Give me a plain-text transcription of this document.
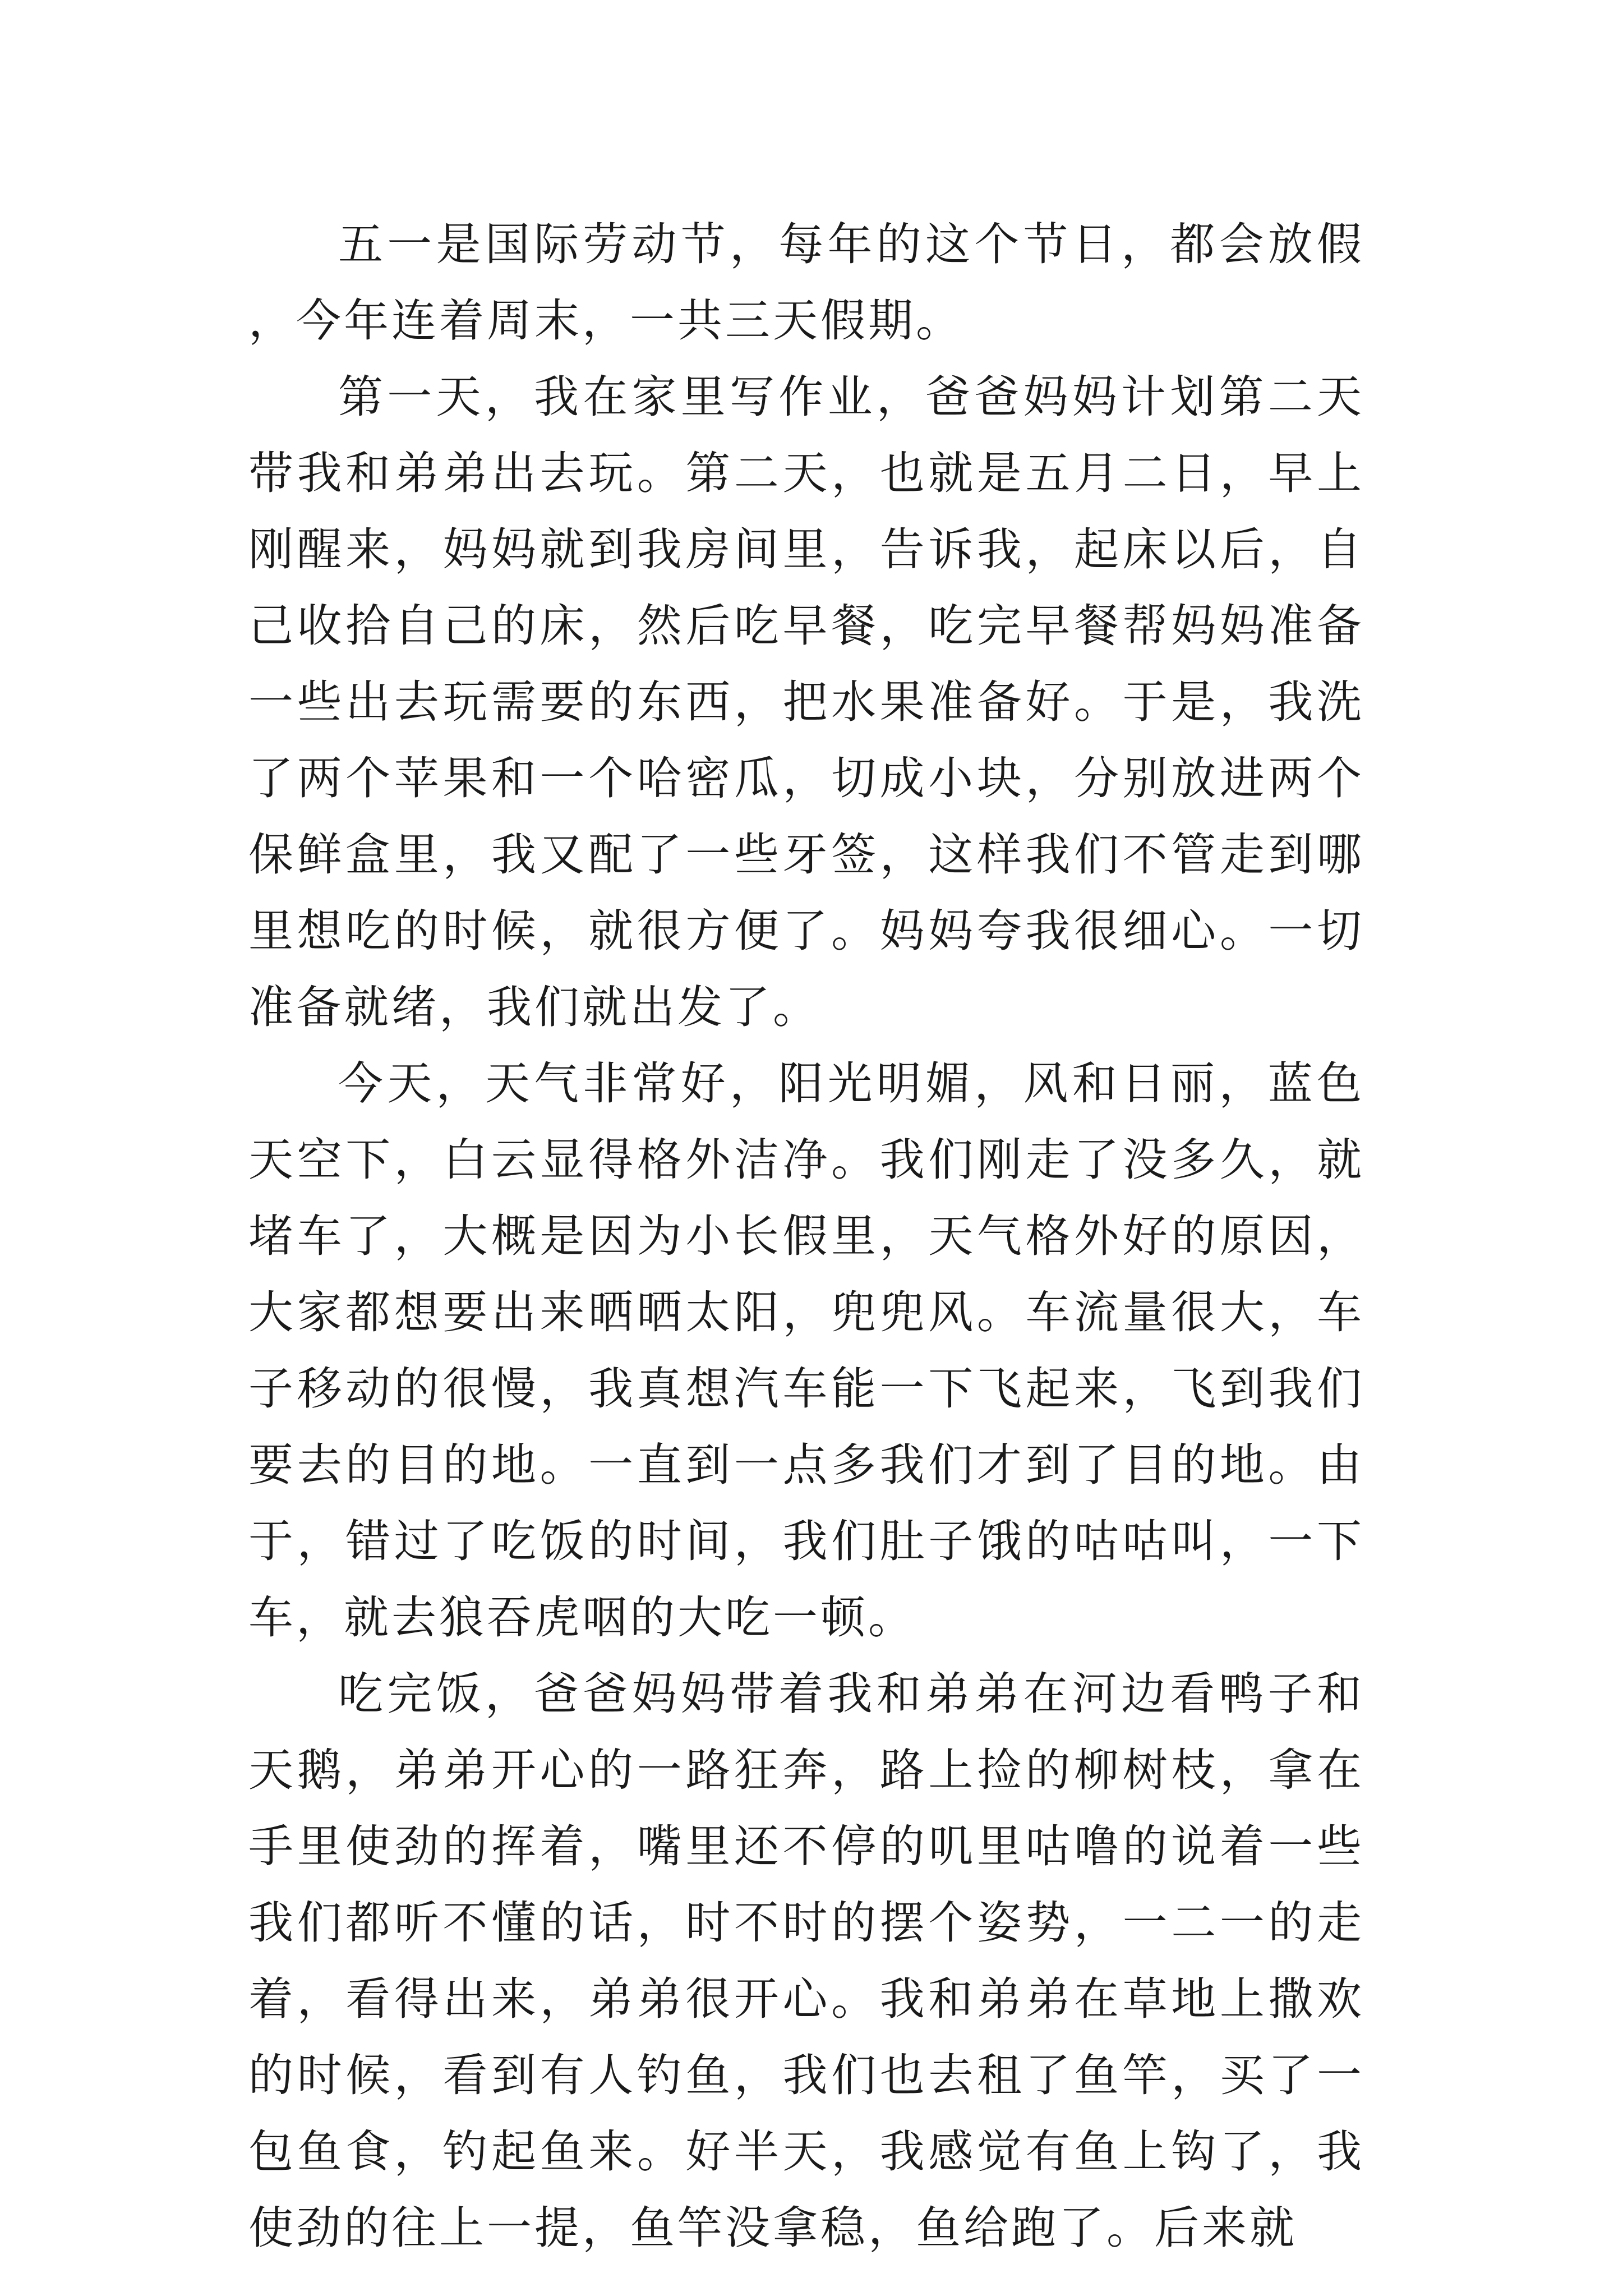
五一是国际劳动节，每年的这个节日，都会放假，今年连着周末，一共三天假期。

第一天，我在家里写作业，爸爸妈妈计划第二天带我和弟弟出去玩。第二天，也就是五月二日，早上刚醒来，妈妈就到我房间里，告诉我，起床以后，自己收拾自己的床，然后吃早餐，吃完早餐帮妈妈准备一些出去玩需要的东西，把水果准备好。于是，我洗了两个苹果和一个哈密瓜，切成小块，分别放进两个保鲜盒里，我又配了一些牙签，这样我们不管走到哪里想吃的时候，就很方便了。妈妈夸我很细心。一切准备就绪，我们就出发了。

今天，天气非常好，阳光明媚，风和日丽，蓝色天空下，白云显得格外洁净。我们刚走了没多久，就堵车了，大概是因为小长假里，天气格外好的原因，大家都想要出来晒晒太阳，兜兜风。车流量很大，车子移动的很慢，我真想汽车能一下飞起来，飞到我们要去的目的地。一直到一点多我们才到了目的地。由于，错过了吃饭的时间，我们肚子饿的咕咕叫，一下车，就去狼吞虎咽的大吃一顿。

吃完饭，爸爸妈妈带着我和弟弟在河边看鸭子和天鹅，弟弟开心的一路狂奔，路上捡的柳树枝，拿在手里使劲的挥着，嘴里还不停的叽里咕噜的说着一些我们都听不懂的话，时不时的摆个姿势，一二一的走着，看得出来，弟弟很开心。我和弟弟在草地上撒欢的时候，看到有人钓鱼，我们也去租了鱼竿，买了一包鱼食，钓起鱼来。好半天，我感觉有鱼上钩了，我使劲的往上一提，鱼竿没拿稳，鱼给跑了。后来就
